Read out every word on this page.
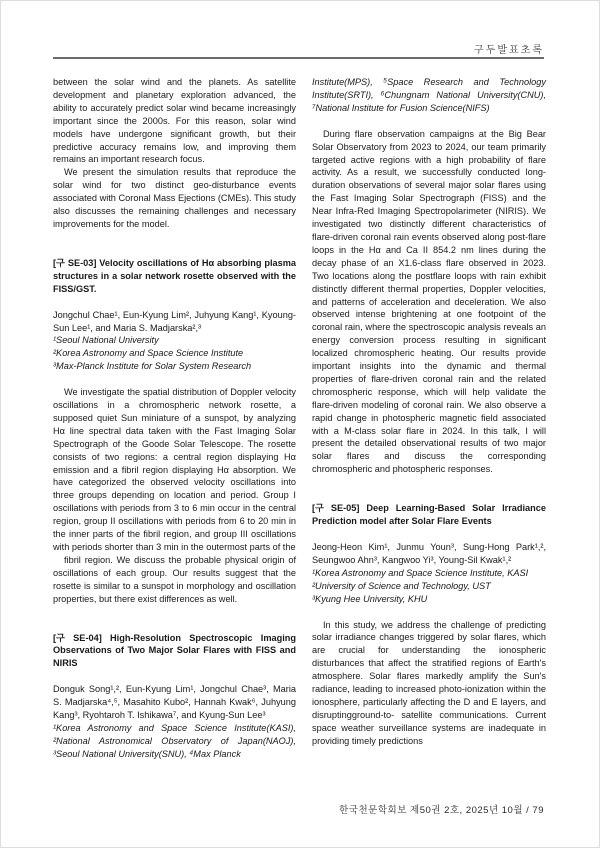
구두발표초록

between the solar wind and the planets. As satellite development and planetary exploration advanced, the ability to accurately predict solar wind became increasingly important since the 2000s. For this reason, solar wind models have undergone significant growth, but their predictive accuracy remains low, and improving them remains an important research focus.

We present the simulation results that reproduce the solar wind for two distinct geo-disturbance events associated with Coronal Mass Ejections (CMEs). This study also discusses the remaining challenges and necessary improvements for the model.

[구 SE-03] Velocity oscillations of Hα absorbing plasma structures in a solar network rosette observed with the FISS/GST.

Jongchul Chae¹, Eun-Kyung Lim², Juhyung Kang¹, Kyoung-Sun Lee¹, and Maria S. Madjarska²,³

¹Seoul National University
²Korea Astronomy and Space Science Institute
³Max-Planck Institute for Solar System Research

We investigate the spatial distribution of Doppler velocity oscillations in a chromospheric network rosette, a supposed quiet Sun miniature of a sunspot, by analyzing Hα line spectral data taken with the Fast Imaging Solar Spectrograph of the Goode Solar Telescope. The rosette consists of two regions: a central region displaying Hα emission and a fibril region displaying Hα absorption. We have categorized the observed velocity oscillations into three groups depending on location and period. Group I oscillations with periods from 3 to 6 min occur in the central region, group II oscillations with periods from 6 to 20 min in the inner parts of the fibril region, and group III oscillations with periods shorter than 3 min in the outermost parts of the

fibril region. We discuss the probable physical origin of oscillations of each group. Our results suggest that the rosette is similar to a sunspot in morphology and oscillation properties, but there exist differences as well.

[구 SE-04] High-Resolution Spectroscopic Imaging Observations of Two Major Solar Flares with FISS and NIRIS

Donguk Song¹,², Eun-Kyung Lim¹, Jongchul Chae³, Maria S. Madjarska⁴,⁵, Masahito Kubo², Hannah Kwak⁶, Juhyung Kang³, Ryohtaroh T. Ishikawa⁷, and Kyung-Sun Lee³

¹Korea Astronomy and Space Science Institute(KASI), ²National Astronomical Observatory of Japan(NAOJ), ³Seoul National University(SNU), ⁴Max Planck
Institute(MPS), ⁵Space Research and Technology Institute(SRTI), ⁶Chungnam National University(CNU), ⁷National Institute for Fusion Science(NIFS)

During flare observation campaigns at the Big Bear Solar Observatory from 2023 to 2024, our team primarily targeted active regions with a high probability of flare activity. As a result, we successfully conducted long-duration observations of several major solar flares using the Fast Imaging Solar Spectrograph (FISS) and the Near Infra-Red Imaging Spectropolarimeter (NIRIS). We investigated two distinctly different characteristics of flare-driven coronal rain events observed along post-flare loops in the Hα and Ca II 854.2 nm lines during the decay phase of an X1.6-class flare observed in 2023. Two locations along the postflare loops with rain exhibit distinctly different thermal properties, Doppler velocities, and patterns of acceleration and deceleration. We also observed intense brightening at one footpoint of the coronal rain, where the spectroscopic analysis reveals an energy conversion process resulting in significant localized chromospheric heating. Our results provide important insights into the dynamic and thermal properties of flare-driven coronal rain and the related chromospheric response, which will help validate the flare-driven modeling of coronal rain. We also observe a rapid change in photospheric magnetic field associated with a M-class solar flare in 2024. In this talk, I will present the detailed observational results of two major solar flares and discuss the corresponding chromospheric and photospheric responses.

[구 SE-05] Deep Learning-Based Solar Irradiance Prediction model after Solar Flare Events

Jeong-Heon Kim¹, Junmu Youn³, Sung-Hong Park¹,², Seungwoo Ahn³, Kangwoo Yi³, Young-Sil Kwak¹,²

¹Korea Astronomy and Space Science Institute, KASI
²University of Science and Technology, UST
³Kyung Hee University, KHU

In this study, we address the challenge of predicting solar irradiance changes triggered by solar flares, which are crucial for understanding the ionospheric disturbances that affect the stratified regions of Earth's atmosphere. Solar flares markedly amplify the Sun's radiance, leading to increased photo-ionization within the ionosphere, particularly affecting the D and E layers, and disruptingground-to- satellite communications. Current space weather surveillance systems are inadequate in providing timely predictions

한국천문학회보 제50권 2호, 2025년 10월 / 79
